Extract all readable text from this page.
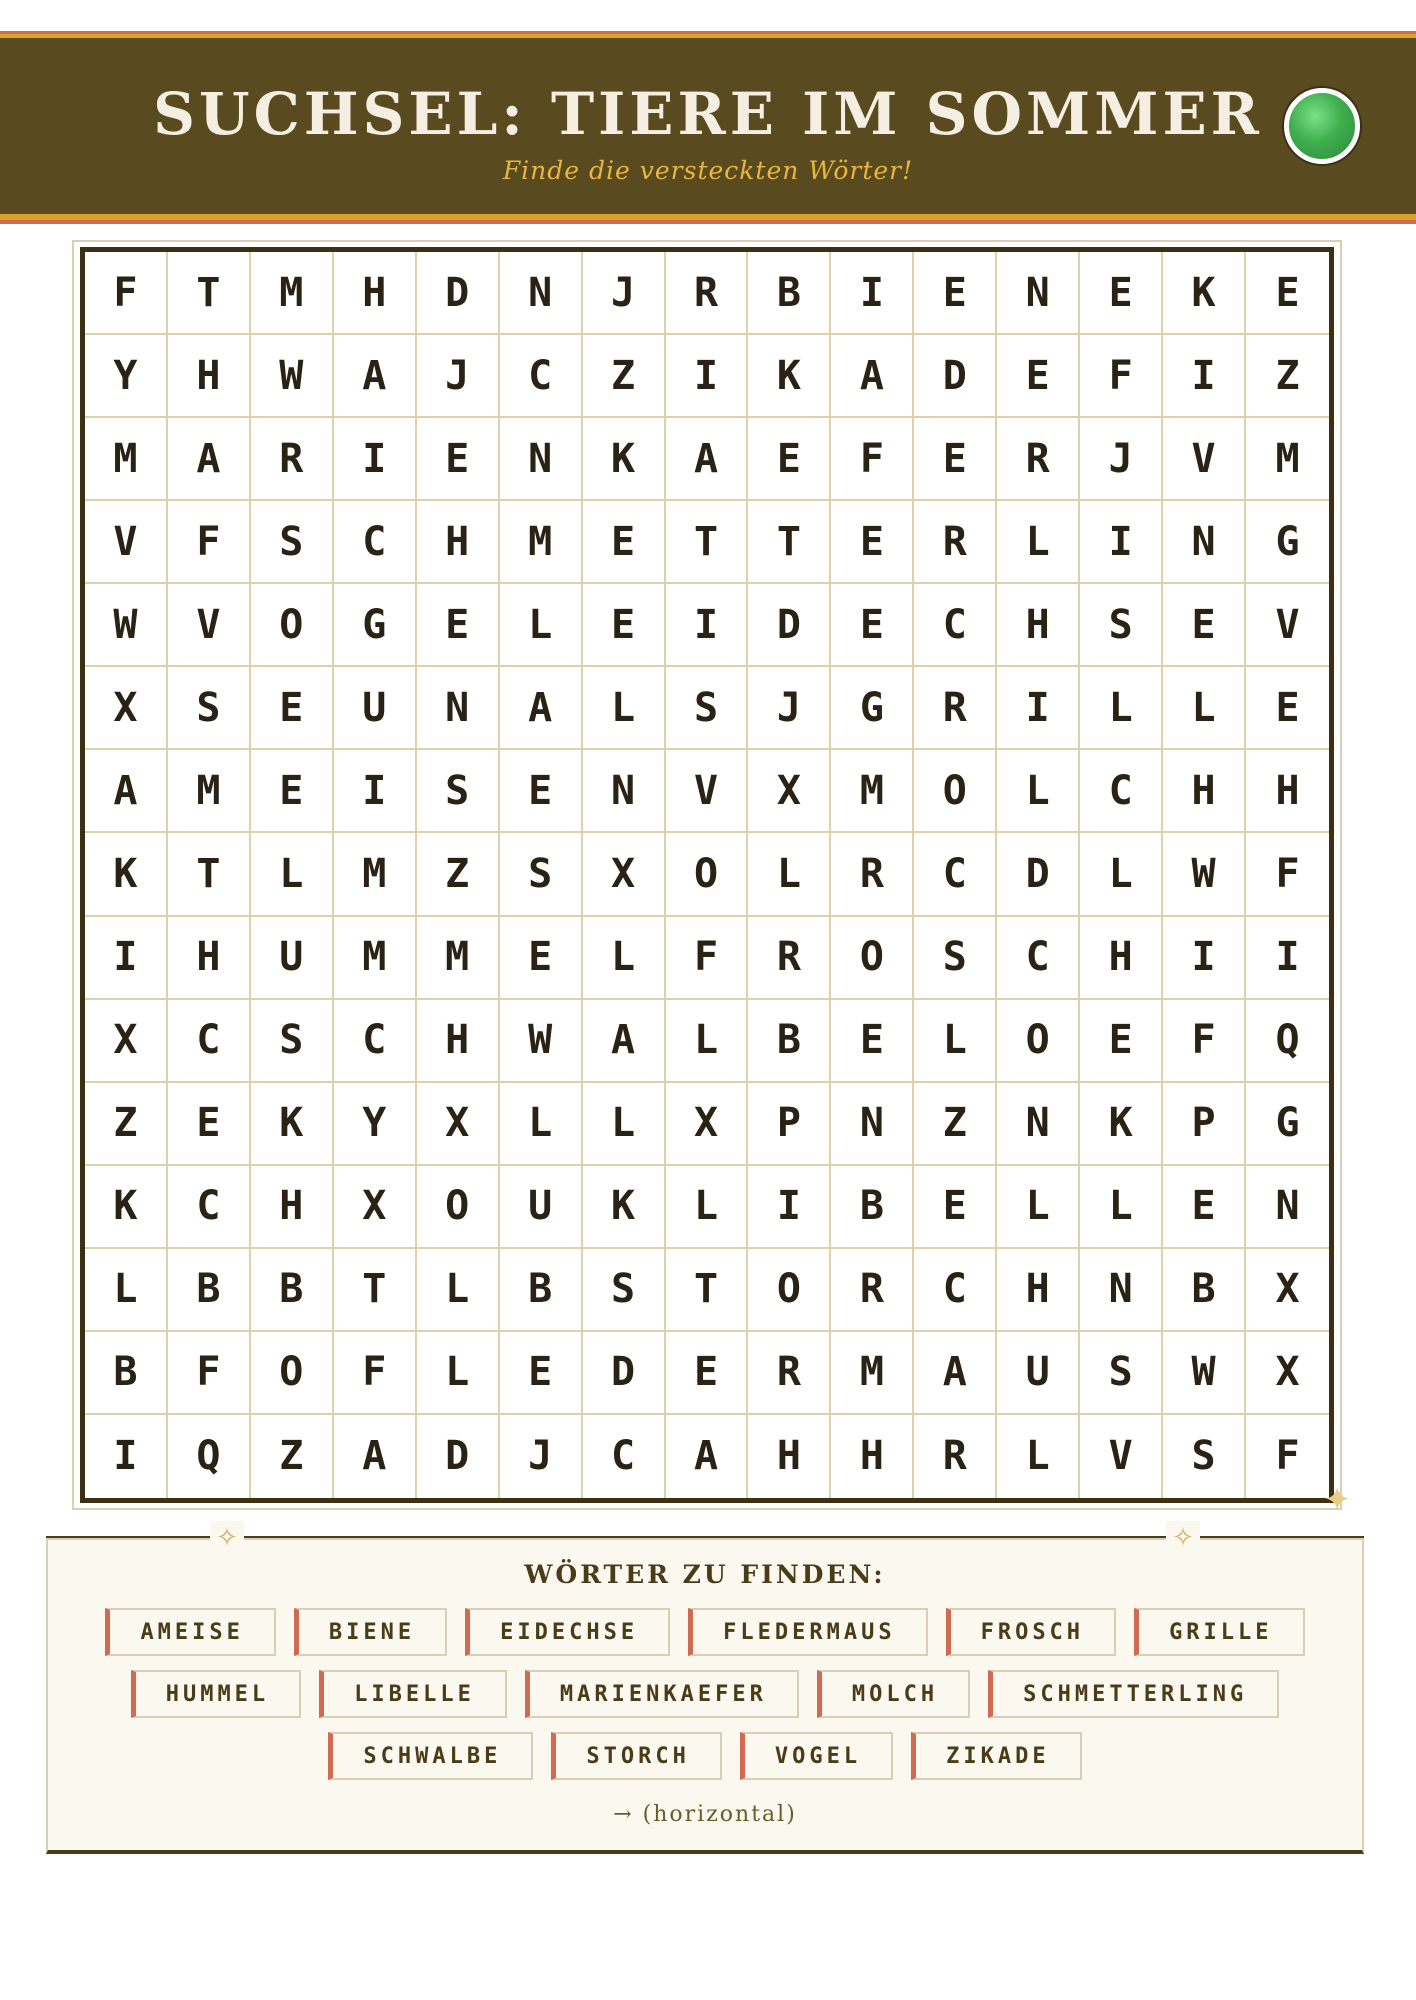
SUCHSEL: TIERE IM SOMMER
Finde die versteckten Wörter!
F	T	M	H	D	N	J	R	B	I	E	N	E	K	E
Y	H	W	A	J	C	Z	I	K	A	D	E	F	I	Z
M	A	R	I	E	N	K	A	E	F	E	R	J	V	M
V	F	S	C	H	M	E	T	T	E	R	L	I	N	G
W	V	O	G	E	L	E	I	D	E	C	H	S	E	V
X	S	E	U	N	A	L	S	J	G	R	I	L	L	E
A	M	E	I	S	E	N	V	X	M	O	L	C	H	H
K	T	L	M	Z	S	X	O	L	R	C	D	L	W	F
I	H	U	M	M	E	L	F	R	O	S	C	H	I	I
X	C	S	C	H	W	A	L	B	E	L	O	E	F	Q
Z	E	K	Y	X	L	L	X	P	N	Z	N	K	P	G
K	C	H	X	O	U	K	L	I	B	E	L	L	E	N
L	B	B	T	L	B	S	T	O	R	C	H	N	B	X
B	F	O	F	L	E	D	E	R	M	A	U	S	W	X
I	Q	Z	A	D	J	C	A	H	H	R	L	V	S	F
✦
WÖRTER ZU FINDEN:
AMEISE	BIENE	EIDECHSE	FLEDERMAUS	FROSCH	GRILLE
HUMMEL	LIBELLE	MARIENKAEFER	MOLCH	SCHMETTERLING
SCHWALBE	STORCH	VOGEL	ZIKADE
→ (horizontal)
✧	✧
